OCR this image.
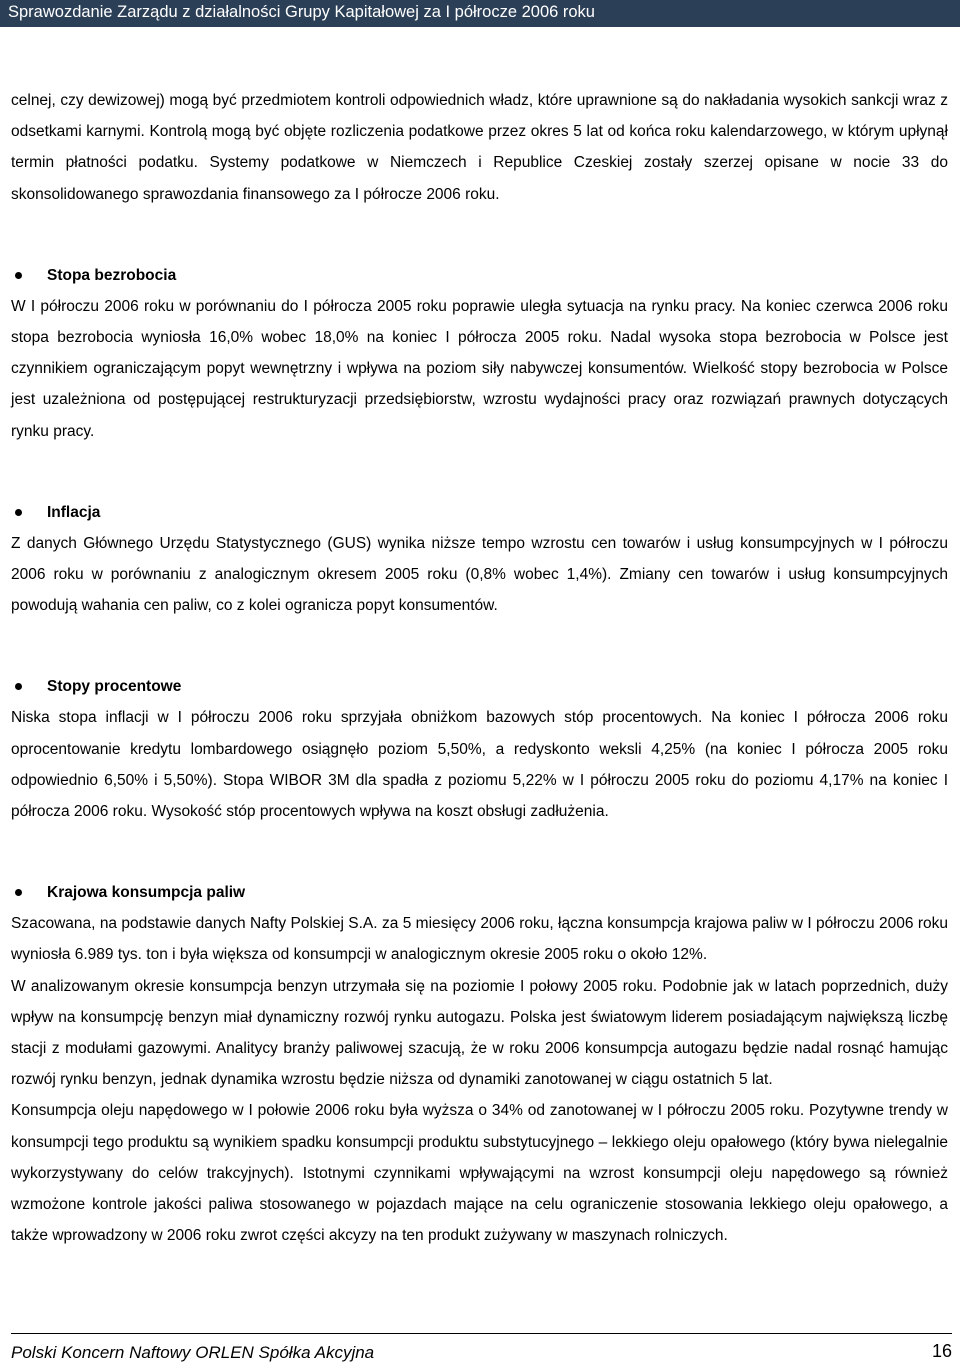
Sprawozdanie Zarządu z działalności Grupy Kapitałowej za I półrocze 2006 roku

celnej, czy dewizowej) mogą być przedmiotem kontroli odpowiednich władz, które uprawnione są do nakładania wysokich sankcji wraz z odsetkami karnymi. Kontrolą mogą być objęte rozliczenia podatkowe przez okres 5 lat od końca roku kalendarzowego, w którym upłynął termin płatności podatku. Systemy podatkowe w Niemczech i Republice Czeskiej zostały szerzej opisane w nocie 33 do skonsolidowanego sprawozdania finansowego za I półrocze 2006 roku.

Stopa bezrobocia

W I półroczu 2006 roku w porównaniu do I półrocza 2005 roku poprawie uległa sytuacja na rynku pracy. Na koniec czerwca 2006 roku stopa bezrobocia wyniosła 16,0% wobec 18,0% na koniec I półrocza 2005 roku. Nadal wysoka stopa bezrobocia w Polsce jest czynnikiem ograniczającym popyt wewnętrzny i wpływa na poziom siły nabywczej konsumentów. Wielkość stopy bezrobocia w Polsce jest uzależniona od postępującej restrukturyzacji przedsiębiorstw, wzrostu wydajności pracy oraz rozwiązań prawnych dotyczących rynku pracy.

Inflacja

Z danych Głównego Urzędu Statystycznego (GUS) wynika niższe tempo wzrostu cen towarów i usług konsumpcyjnych w I półroczu 2006 roku w porównaniu z analogicznym okresem 2005 roku (0,8% wobec 1,4%). Zmiany cen towarów i usług konsumpcyjnych powodują wahania cen paliw, co z kolei ogranicza popyt konsumentów.

Stopy procentowe

Niska stopa inflacji w I półroczu 2006 roku sprzyjała obniżkom bazowych stóp procentowych. Na koniec I półrocza 2006 roku oprocentowanie kredytu lombardowego osiągnęło poziom 5,50%, a redyskonto weksli 4,25% (na koniec I półrocza 2005 roku odpowiednio 6,50% i 5,50%). Stopa WIBOR 3M dla spadła z poziomu 5,22% w I półroczu 2005 roku do poziomu 4,17% na koniec I półrocza 2006 roku. Wysokość stóp procentowych wpływa na koszt obsługi zadłużenia.

Krajowa konsumpcja paliw

Szacowana, na podstawie danych Nafty Polskiej S.A. za 5 miesięcy 2006 roku, łączna konsumpcja krajowa paliw w I półroczu 2006 roku wyniosła 6.989 tys. ton i była większa od konsumpcji w analogicznym okresie 2005 roku o około 12%.

W analizowanym okresie konsumpcja benzyn utrzymała się na poziomie I połowy 2005 roku. Podobnie jak w latach poprzednich, duży wpływ na konsumpcję benzyn miał dynamiczny rozwój rynku autogazu. Polska jest światowym liderem posiadającym największą liczbę stacji z modułami gazowymi. Analitycy branży paliwowej szacują, że w roku 2006 konsumpcja autogazu będzie nadal rosnąć hamując rozwój rynku benzyn, jednak dynamika wzrostu będzie niższa od dynamiki zanotowanej w ciągu ostatnich 5 lat.

Konsumpcja oleju napędowego w I połowie 2006 roku była wyższa o 34% od zanotowanej w I półroczu 2005 roku. Pozytywne trendy w konsumpcji tego produktu są wynikiem spadku konsumpcji produktu substytucyjnego – lekkiego oleju opałowego (który bywa nielegalnie wykorzystywany do celów trakcyjnych). Istotnymi czynnikami wpływającymi na wzrost konsumpcji oleju napędowego są również wzmożone kontrole jakości paliwa stosowanego w pojazdach mające na celu ograniczenie stosowania lekkiego oleju opałowego, a także wprowadzony w 2006 roku zwrot części akcyzy na ten produkt zużywany w maszynach rolniczych.

Polski Koncern Naftowy ORLEN Spółka Akcyjna	16
